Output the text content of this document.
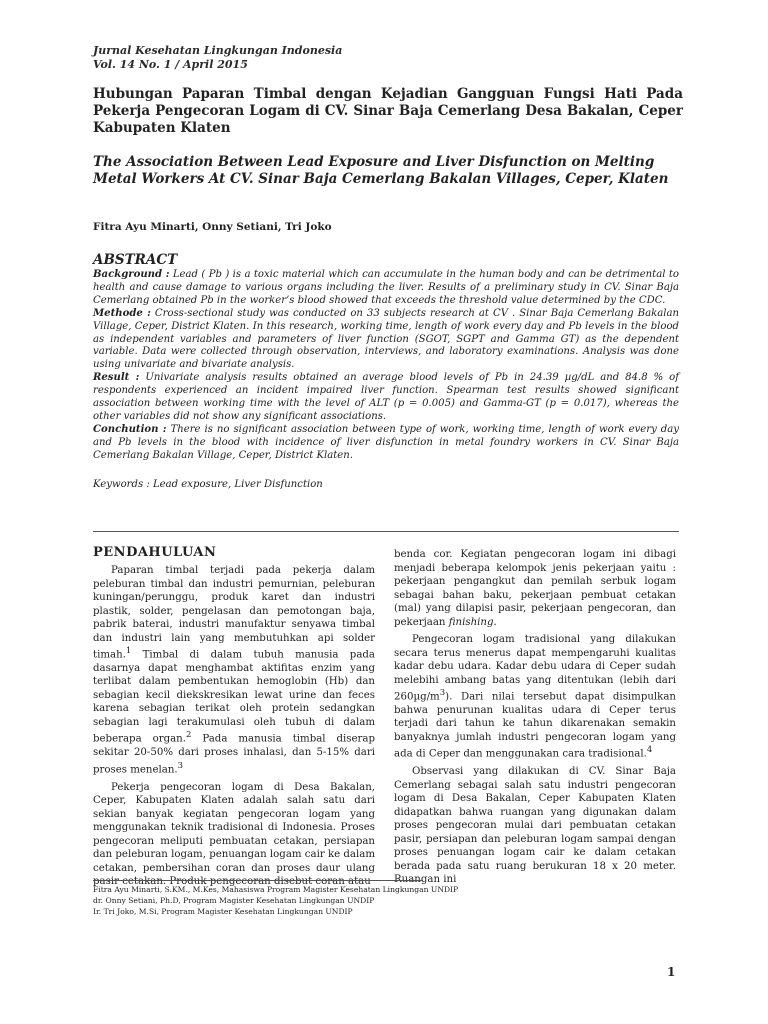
Jurnal Kesehatan Lingkungan Indonesia
Vol. 14 No. 1 / April 2015
Hubungan Paparan Timbal dengan Kejadian Gangguan Fungsi Hati Pada Pekerja Pengecoran Logam di CV. Sinar Baja Cemerlang Desa Bakalan, Ceper Kabupaten Klaten
The Association Between Lead Exposure and Liver Disfunction on Melting Metal Workers At CV. Sinar Baja Cemerlang Bakalan Villages, Ceper, Klaten
Fitra Ayu Minarti, Onny Setiani, Tri Joko
ABSTRACT

Background : Lead ( Pb ) is a toxic material which can accumulate in the human body and can be detrimental to health and cause damage to various organs including the liver. Results of a preliminary study in CV. Sinar Baja Cemerlang obtained Pb in the worker’s blood showed that exceeds the threshold value determined by the CDC.

Methode : Cross-sectional study was conducted on 33 subjects research at CV . Sinar Baja Cemerlang Bakalan Village, Ceper, District Klaten. In this research, working time, length of work every day and Pb levels in the blood as independent variables and parameters of liver function (SGOT, SGPT and Gamma GT) as the dependent variable. Data were collected through observation, interviews, and laboratory examinations. Analysis was done using univariate and bivariate analysis.

Result : Univariate analysis results obtained an average blood levels of Pb in 24.39 µg/dL and 84.8 % of respondents experienced an incident impaired liver function. Spearman test results showed significant association between working time with the level of ALT (p = 0.005) and Gamma-GT (p = 0.017), whereas the other variables did not show any significant associations.

Conchution : There is no significant association between type of work, working time, length of work every day and Pb levels in the blood with incidence of liver disfunction in metal foundry workers in CV. Sinar Baja Cemerlang Bakalan Village, Ceper, District Klaten.

Keywords : Lead exposure, Liver Disfunction
PENDAHULUAN

Paparan timbal terjadi pada pekerja dalam peleburan timbal dan industri pemurnian, peleburan kuningan/perunggu, produk karet dan industri plastik, solder, pengelasan dan pemotongan baja, pabrik baterai, industri manufaktur senyawa timbal dan industri lain yang membutuhkan api solder timah.$^1$ Timbal di dalam tubuh manusia pada dasarnya dapat menghambat aktifitas enzim yang terlibat dalam pembentukan hemoglobin (Hb) dan sebagian kecil diekskresikan lewat urine dan feces karena sebagian terikat oleh protein sedangkan sebagian lagi terakumulasi oleh tubuh di dalam beberapa organ.$^2$ Pada manusia timbal diserap sekitar 20-50% dari proses inhalasi, dan 5-15% dari proses menelan.$^3$

Pekerja pengecoran logam di Desa Bakalan, Ceper, Kabupaten Klaten adalah salah satu dari sekian banyak kegiatan pengecoran logam yang menggunakan teknik tradisional di Indonesia. Proses pengecoran meliputi pembuatan cetakan, persiapan dan peleburan logam, penuangan logam cair ke dalam cetakan, pembersihan coran dan proses daur ulang pasir cetakan. Produk pengecoran disebut coran atau

benda cor. Kegiatan pengecoran logam ini dibagi menjadi beberapa kelompok jenis pekerjaan yaitu : pekerjaan pengangkut dan pemilah serbuk logam sebagai bahan baku, pekerjaan pembuat cetakan (mal) yang dilapisi pasir, pekerjaan pengecoran, dan pekerjaan finishing.

Pengecoran logam tradisional yang dilakukan secara terus menerus dapat mempengaruhi kualitas kadar debu udara. Kadar debu udara di Ceper sudah melebihi ambang batas yang ditentukan (lebih dari $260\mu g/m^3$). Dari nilai tersebut dapat disimpulkan bahwa penurunan kualitas udara di Ceper terus terjadi dari tahun ke tahun dikarenakan semakin banyaknya jumlah industri pengecoran logam yang ada di Ceper dan menggunakan cara tradisional.$^4$

Observasi yang dilakukan di CV. Sinar Baja Cemerlang sebagai salah satu industri pengecoran logam di Desa Bakalan, Ceper Kabupaten Klaten didapatkan bahwa ruangan yang digunakan dalam proses pengecoran mulai dari pembuatan cetakan pasir, persiapan dan peleburan logam sampai dengan proses penuangan logam cair ke dalam cetakan berada pada satu ruang berukuran 18 x 20 meter. Ruangan ini

Fitra Ayu Minarti, S.KM., M.Kes, Mahasiswa Program Magister Kesehatan Lingkungan UNDIP
dr. Onny Setiani, Ph.D, Program Magister Kesehatan Lingkungan UNDIP
Ir. Tri Joko, M.Si, Program Magister Kesehatan Lingkungan UNDIP
1
